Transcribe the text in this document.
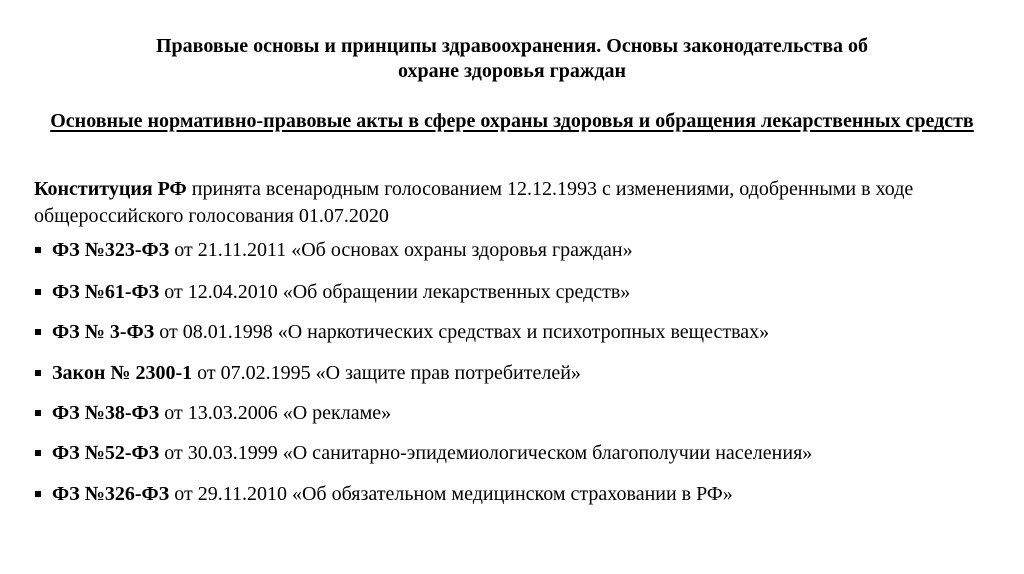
Правовые основы и принципы здравоохранения. Основы законодательства об охране здоровья граждан
Основные нормативно-правовые акты в сфере охраны здоровья и обращения лекарственных средств
Конституция РФ принята всенародным голосованием 12.12.1993 с изменениями, одобренными в ходе общероссийского голосования 01.07.2020
ФЗ №323-ФЗ от 21.11.2011 «Об основах охраны здоровья граждан»
ФЗ №61-ФЗ от 12.04.2010 «Об обращении лекарственных средств»
ФЗ № 3-ФЗ от 08.01.1998 «О наркотических средствах и психотропных веществах»
Закон № 2300-1 от 07.02.1995 «О защите прав потребителей»
ФЗ №38-ФЗ от 13.03.2006 «О рекламе»
ФЗ №52-ФЗ от 30.03.1999 «О санитарно-эпидемиологическом благополучии населения»
ФЗ №326-ФЗ от 29.11.2010 «Об обязательном медицинском страховании в РФ»
